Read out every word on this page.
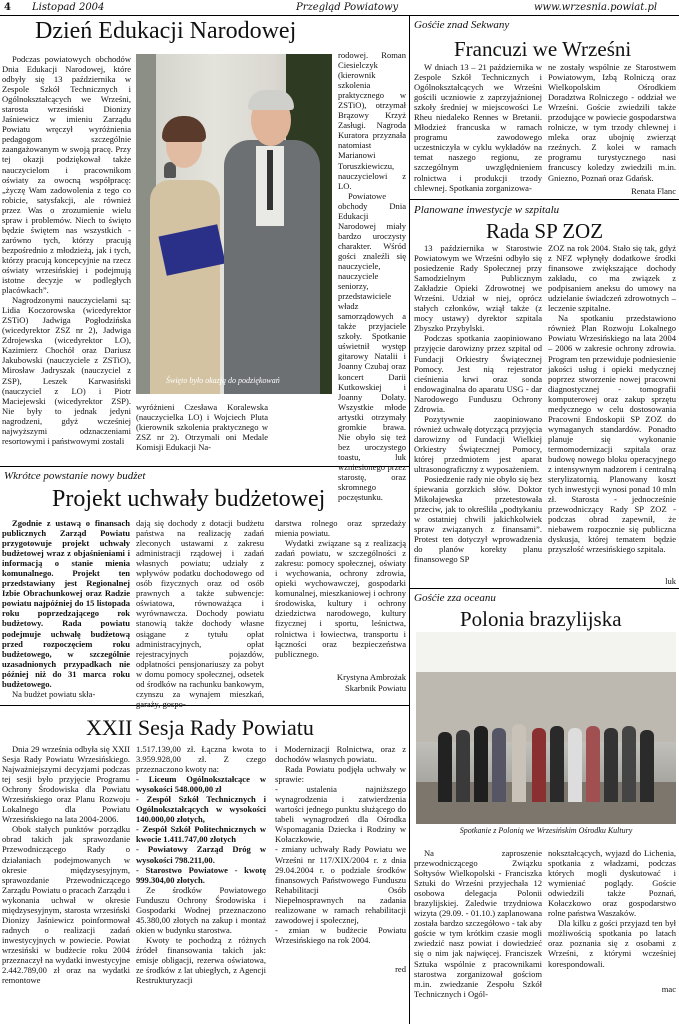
4 Listopad 2004	Przegląd Powiatowy	www.wrzesnia.powiat.pl
Dzień Edukacji Narodowej

Podczas powiatowych obchodów Dnia Edukacji Narodowej, które odbyły się 13 października w Zespole Szkół Technicznych i Ogólnokształcących we Wrześni, starosta wrzesiński Dionizy Jaśniewicz w imieniu Zarządu Powiatu wręczył wyróżnienia pedagogom szczególnie zaangażowanym w swoją pracę. Przy tej okazji podziękował także nauczycielom i pracownikom oświaty za owocną współpracę: „życzę Wam zadowolenia z tego co robicie, satysfakcji, ale również przez Was o zrozumienie wielu spraw i problemów. Niech to święto będzie świętem nas wszystkich - zarówno tych, którzy pracują bezpośrednio z młodzieżą, jak i tych, którzy pracują koncepcyjnie na rzecz oświaty wrzesińskiej i podejmują istotne decyzje w podległych placówkach”.

Nagrodzonymi nauczycielami są: Lidia Koczorowska (wicedyrektor ZSTiO) Jadwiga Pogłodzińska (wicedyrektor ZSZ nr 2), Jadwiga Zdrojewska (wicedyrektor LO), Kazimierz Chochół oraz Dariusz Jakubowski (nauczyciele z ZSTiO), Mirosław Jadryszak (nauczyciel z ZSP), Leszek Karwasiński (nauczyciel z LO) i Piotr Maciejewski (wicedyrektor ZSP). Nie były to jednak jedyni nagrodzeni, gdyż wcześniej najwyższymi odznaczeniami resortowymi i państwowymi zostali

Święto było okazją do podziękowań

wyróżnieni Czesława Koralewska (nauczycielka LO) i Wojciech Pluta (kierownik szkolenia praktycznego w ZSZ nr 2). Otrzymali oni Medale Komisji Edukacji Na-

rodowej. Roman Ciesielczyk (kierownik szkolenia praktycznego w ZSTiO), otrzymał Brązowy Krzyż Zasługi. Nagroda Kuratora przyznała natomiast Marianowi Toruszkiewiczu, nauczycielowi z LO.

Powiatowe obchody Dnia Edukacji Narodowej miały bardzo uroczysty charakter. Wśród gości znaleźli się nauczyciele, nauczyciele seniorzy, przedstawiciele władz samorządowych a także przyjaciele szkoły. Spotkanie uświetnił występ gitarowy Natalii i Joanny Czubaj oraz koncert Darii Kutkowskiej i Joanny Dolaty. Wszystkie młode artystki otrzymały gromkie brawa. Nie obyło się też bez uroczystego toastu, wzniesionego przez starostę, oraz skromnego poczęstunku.

luk
Gośćie znad Sekwany
Francuzi we Wrześni

W dniach 13 – 21 października w Zespole Szkół Technicznych i Ogólnokształcących we Wrześni gościli uczniowie z zaprzyjaźnionej szkoły średniej w miejscowości Le Rheu niedaleko Rennes w Bretanii. Młodzież francuska w ramach programu zawodowego uczestniczyła w cyklu wykładów na temat naszego regionu, ze szczególnym uwzględnieniem rolnictwa i produkcji trzody chlewnej. Spotkania zorganizowa-

ne zostały wspólnie ze Starostwem Powiatowym, Izbą Rolniczą oraz Wielkopolskim Ośrodkiem Doradztwa Rolniczego - oddział we Wrześni. Goście zwiedzili także przodujące w powiecie gospodarstwa rolnicze, w tym trzody chlewnej i mleka oraz ubojnię zwierząt rzeźnych. Z kolei w ramach programu turystycznego nasi francuscy koledzy zwiedzili m.in. Gniezno, Poznań oraz Gdańsk.

Renata Flanc
Planowane inwestycje w szpitalu
Rada SP ZOZ

13 października w Starostwie Powiatowym we Wrześni odbyło się posiedzenie Rady Społecznej przy Samodzielnym Publicznym Zakładzie Opieki Zdrowotnej we Wrześni. Udział w niej, oprócz stałych członków, wziął także (z mocy ustawy) dyrektor szpitala Zbyszko Przybylski.

Podczas spotkania zaopiniowano przyjęcie darowizny przez szpital od Fundacji Orkiestry Świątecznej Pomocy. Jest nią rejestrator cieśnienia krwi oraz sonda endowaginalna do aparatu USG - dar Narodowego Funduszu Ochrony Zdrowia.

Pozytywnie zaopiniowano również uchwałę dotyczącą przyjęcia darowizny od Fundacji Wielkiej Orkiestry Świątecznej Pomocy, której przedmiotem jest aparat ultrasonograficzny z wyposażeniem.

Posiedzenie rady nie obyło się bez śpiewania gorzkich słów. Doktor Mikołajewska przetestowała przeciw, jak to określiła „podtykaniu w ostatniej chwili jakichkolwiek spraw związanych z finansami”. Protest ten dotyczył wprowadzenia do planów korekty planu finansowego SP

ZOZ na rok 2004. Stało się tak, gdyż z NFZ wpłynęły dodatkowe środki finansowe zwiększające dochody zakładu, co ma związek z podpisaniem aneksu do umowy na udzielanie świadczeń zdrowotnych – leczenie szpitalne.

Na spotkaniu przedstawiono również Plan Rozwoju Lokalnego Powiatu Wrzesińskiego na lata 2004 – 2006 w zakresie ochrony zdrowia. Program ten przewiduje podniesienie jakości usług i opieki medycznej poprzez stworzenie nowej pracowni diagnostycznej - tomografii komputerowej oraz zakup sprzętu medycznego w celu dostosowania Pracowni Endoskopii SP ZOZ do wymaganych standardów. Ponadto planuje się wykonanie termomodernizacji szpitala oraz budowę nowego bloku operacyjnego z intensywnym nadzorem i centralną sterylizatornią. Planowany koszt tych inwestycji wynosi ponad 10 mln zł. Starosta - jednocześnie przewodniczący Rady SP ZOZ - podczas obrad zapewnił, że niebawem rozpocznie się publiczna dyskusja, której tematem będzie przyszłość wrzesińskiego szpitala.

luk
Wkrótce powstanie nowy budżet
Projekt uchwały budżetowej

Zgodnie z ustawą o finansach publicznych Zarząd Powiatu przygotowuje projekt uchwały budżetowej wraz z objaśnieniami i informacją o stanie mienia komunalnego. Projekt ten przedstawiany jest Regionalnej Izbie Obrachunkowej oraz Radzie powiatu najpóźniej do 15 listopada roku poprzedzającego rok budżetowy. Rada powiatu podejmuje uchwałę budżetową przed rozpoczęciem roku budżetowego, w szczególnie uzasadnionych przypadkach nie później niż do 31 marca roku budżetowego.

Na budżet powiatu skła-

dają się dochody z dotacji budżetu państwa na realizację zadań zleconych ustawami z zakresu administracji rządowej i zadań własnych powiatu; udziały z wpływów podatku dochodowego od osób fizycznych oraz od osób prawnych a także subwencje: oświatowa, równoważąca i wyrównawcza. Dochody powiatu stanowią także dochody własne osiągane z tytułu opłat administracyjnych, opłat rejestracyjnych pojazdów, odpłatności pensjonariuszy za pobyt w domu pomocy społecznej, odsetek od środków na rachunku bankowym, czynszu za wynajem mieszkań, garaży, gospo-

darstwa rolnego oraz sprzedaży mienia powiatu.

Wydatki związane są z realizacją zadań powiatu, w szczególności z zakresu: pomocy społecznej, oświaty i wychowania, ochrony zdrowia, opieki wychowawczej, gospodarki komunalnej, mieszkaniowej i ochrony środowiska, kultury i ochrony dziedzictwa narodowego, kultury fizycznej i sportu, leśnictwa, rolnictwa i łowiectwa, transportu i łączności oraz bezpieczeństwa publicznego.

Krystyna Ambrożak
Skarbnik Powiatu
XXII Sesja Rady Powiatu

Dnia 29 września odbyła się XXII Sesja Rady Powiatu Wrzesińskiego. Najważniejszymi decyzjami podczas tej sesji było przyjęcie Programu Ochrony Środowiska dla Powiatu Wrzesińskiego oraz Planu Rozwoju Lokalnego dla Powiatu Wrzesińskiego na lata 2004-2006.

Obok stałych punktów porządku obrad takich jak sprawozdanie Przewodniczącego Rady o działaniach podejmowanych w okresie międzysesyjnym, sprawozdanie Przewodniczącego Zarządu Powiatu o pracach Zarządu i wykonania uchwał w okresie międzysesyjnym, starosta wrzesiński Dionizy Jaśniewicz poinformował radnych o realizacji zadań inwestycyjnych w powiecie. Powiat wrzesiński w budżecie roku 2004 przeznaczył na wydatki inwestycyjne 2.442.789,00 zł oraz na wydatki remontowe

1.517.139,00 zł. Łączna kwota to 3.959.928,00 zł. Z czego przeznaczono kwoty na:

- Liceum Ogólnokształcące w wysokości 548.000,00 zł

- Zespół Szkół Technicznych i Ogólnokształcących w wysokości 140.000,00 złotych,

- Zespół Szkół Politechnicznych w kwocie 1.411.747,00 złotych

- Powiatowy Zarząd Dróg w wysokości 798.211,00.

- Starostwo Powiatowe - kwotę 999.304,00 złotych.

Ze środków Powiatowego Funduszu Ochrony Środowiska i Gospodarki Wodnej przeznaczono 45.380,00 złotych na zakup i montaż okien w budynku starostwa.

Kwoty te pochodzą z różnych źródeł finansowania takich jak: emisje obligacji, rezerwa oświatowa, ze środków z lat ubiegłych, z Agencji Restrukturyzacji

i Modernizacji Rolnictwa, oraz z dochodów własnych powiatu.

Rada Powiatu podjęła uchwały w sprawie:

- ustalenia najniższego wynagrodzenia i zatwierdzenia wartości jednego punktu służącego do tabeli wynagrodzeń dla Ośrodka Wspomagania Dziecka i Rodziny w Kołaczkowie,

- zmiany uchwały Rady Powiatu we Wrześni nr 117/XIX/2004 r. z dnia 29.04.2004 r. o podziale środków finansowych Państwowego Funduszu Rehabilitacji Osób Niepełnosprawnych na zadania realizowane w ramach rehabilitacji zawodowej i społecznej,

- zmian w budżecie Powiatu Wrzesińskiego na rok 2004.

red
Gośćie zza oceanu
Polonia brazylijska
Spotkanie z Polonią we Wrzesińskim Ośrodku Kultury

Na zaproszenie przewodniczącego Związku Sołtysów Wielkopolski - Franciszka Sztuki do Wrześni przyjechała 12 osobowa delegacja Polonii brazylijskiej. Zaledwie trzydniowa wizyta (29.09. - 01.10.) zaplanowana została bardzo szczegółowo - tak aby goście w tym krótkim czasie mogli zwiedzić nasz powiat i dowiedzieć się o nim jak najwięcej. Franciszek Sztuka wspólnie z pracownikami starostwa zorganizował gościom m.in. zwiedzanie Zespołu Szkół Technicznych i Ogól-

nokształcących, wyjazd do Lichenia, spotkania z władzami, podczas których mogli dyskutować i wymieniać poglądy. Goście odwiedzili także Poznań, Kołaczkowo oraz gospodarstwo rolne państwa Waszaków.

Dla kilku z gości przyjazd ten był możliwością spotkania po latach oraz poznania się z osobami z Wrześni, z którymi wcześniej korespondowali.

mac
